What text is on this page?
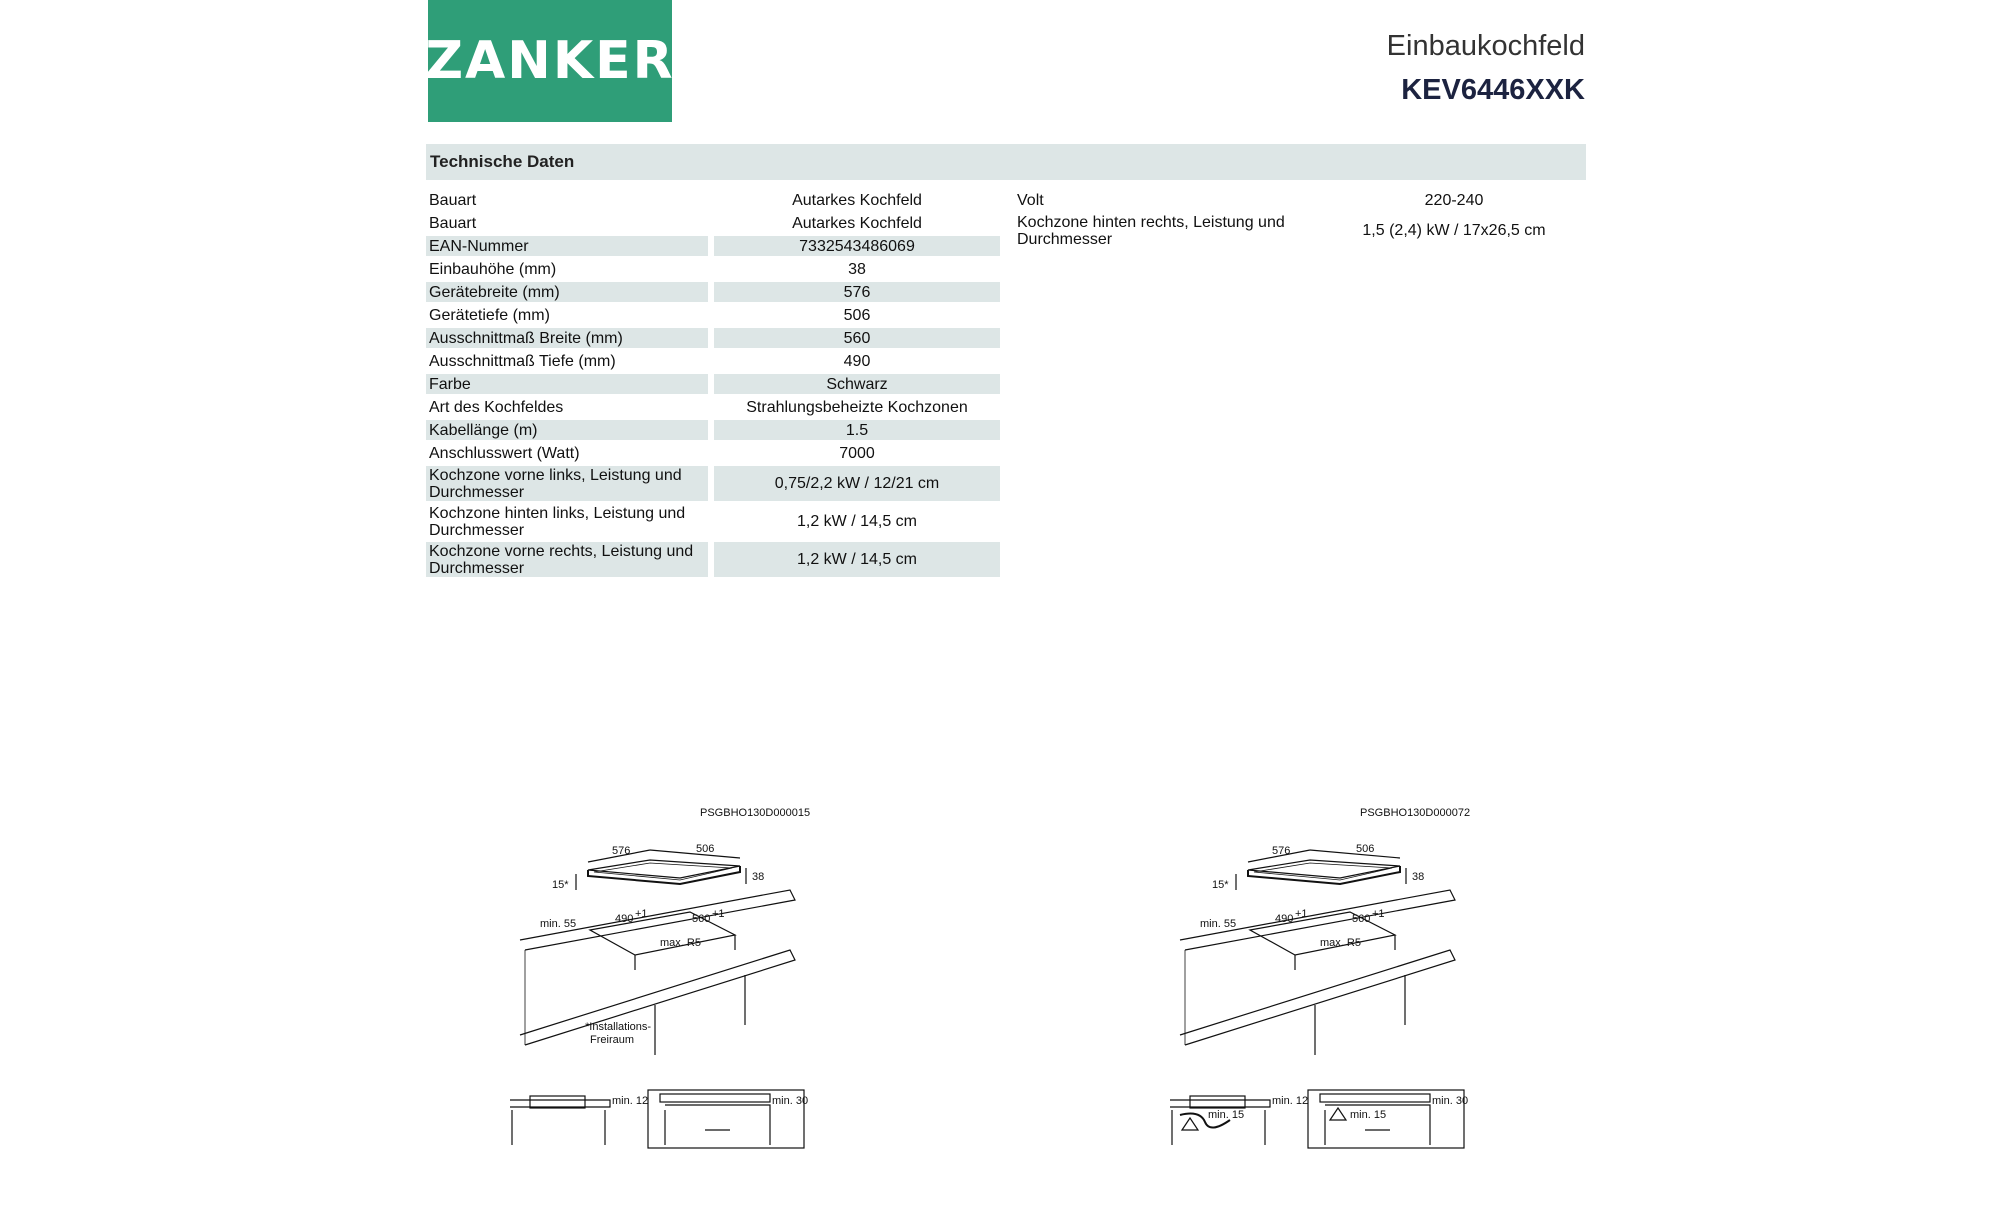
ZANKER	Einbaukochfeld
KEV6446XXK
Technische Daten
Bauart	Autarkes Kochfeld
Bauart	Autarkes Kochfeld
EAN-Nummer	7332543486069
Einbauhöhe (mm)	38
Gerätebreite (mm)	576
Gerätetiefe (mm)	506
Ausschnittmaß Breite (mm)	560
Ausschnittmaß Tiefe (mm)	490
Farbe	Schwarz
Art des Kochfeldes	Strahlungsbeheizte Kochzonen
Kabellänge (m)	1.5
Anschlusswert (Watt)	7000
Kochzone vorne links, Leistung und Durchmesser	0,75/2,2 kW / 12/21 cm
Kochzone hinten links, Leistung und Durchmesser	1,2 kW / 14,5 cm
Kochzone vorne rechts, Leistung und Durchmesser	1,2 kW / 14,5 cm
Volt	220-240
Kochzone hinten rechts, Leistung und Durchmesser	1,5 (2,4) kW / 17x26,5 cm
PSGBHO130D000015
576	506
38
15*
min. 55	490 +1	560 +1
max. R5
*Installations-
Freiraum
min. 12	min. 30
PSGBHO130D000072
576	506
38
15*
min. 55	490 +1	560 +1
max. R5
min. 12
min. 15	min. 15
min. 30
